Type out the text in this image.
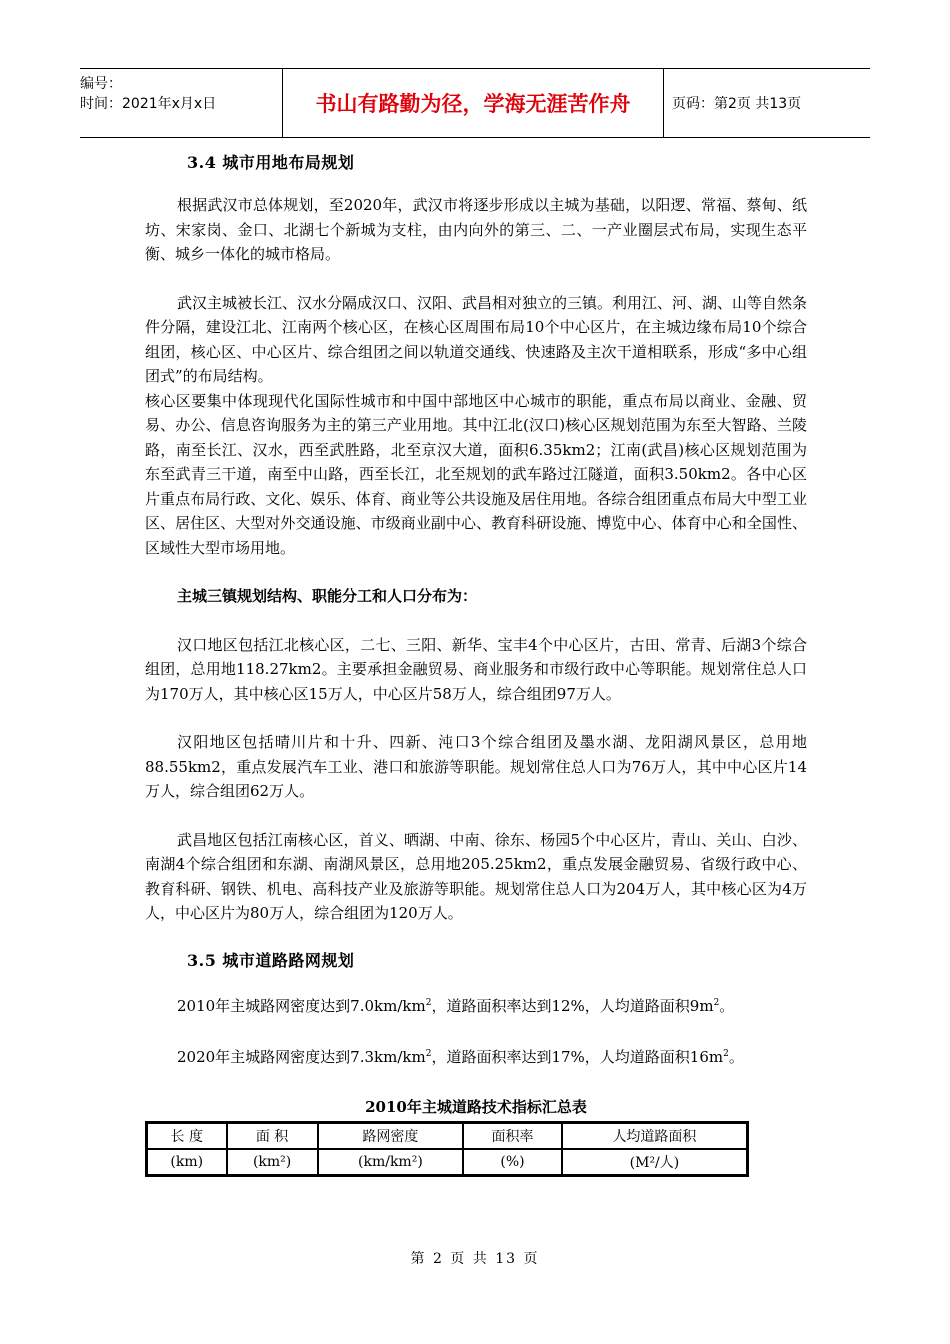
编号：
时间：2021年x月x日	书山有路勤为径，学海无涯苦作舟	页码：第2页 共13页
3.4 城市用地布局规划

根据武汉市总体规划，至2020年，武汉市将逐步形成以主城为基础，以阳逻、常福、蔡甸、纸坊、宋家岗、金口、北湖七个新城为支柱，由内向外的第三、二、一产业圈层式布局，实现生态平衡、城乡一体化的城市格局。

武汉主城被长江、汉水分隔成汉口、汉阳、武昌相对独立的三镇。利用江、河、湖、山等自然条件分隔，建设江北、江南两个核心区，在核心区周围布局10个中心区片，在主城边缘布局10个综合组团，核心区、中心区片、综合组团之间以轨道交通线、快速路及主次干道相联系，形成“多中心组团式”的布局结构。

核心区要集中体现现代化国际性城市和中国中部地区中心城市的职能，重点布局以商业、金融、贸易、办公、信息咨询服务为主的第三产业用地。其中江北(汉口)核心区规划范围为东至大智路、兰陵路，南至长江、汉水，西至武胜路，北至京汉大道，面积6.35km2；江南(武昌)核心区规划范围为东至武青三干道，南至中山路，西至长江，北至规划的武车路过江隧道，面积3.50km2。各中心区片重点布局行政、文化、娱乐、体育、商业等公共设施及居住用地。各综合组团重点布局大中型工业区、居住区、大型对外交通设施、市级商业副中心、教育科研设施、博览中心、体育中心和全国性、区域性大型市场用地。

主城三镇规划结构、职能分工和人口分布为：

汉口地区包括江北核心区，二七、三阳、新华、宝丰4个中心区片，古田、常青、后湖3个综合组团，总用地118.27km2。主要承担金融贸易、商业服务和市级行政中心等职能。规划常住总人口为170万人，其中核心区15万人，中心区片58万人，综合组团97万人。

汉阳地区包括晴川片和十升、四新、沌口3个综合组团及墨水湖、龙阳湖风景区，总用地88.55km2，重点发展汽车工业、港口和旅游等职能。规划常住总人口为76万人，其中中心区片14万人，综合组团62万人。

武昌地区包括江南核心区，首义、晒湖、中南、徐东、杨园5个中心区片，青山、关山、白沙、南湖4个综合组团和东湖、南湖风景区，总用地205.25km2，重点发展金融贸易、省级行政中心、教育科研、钢铁、机电、高科技产业及旅游等职能。规划常住总人口为204万人，其中核心区为4万人，中心区片为80万人，综合组团为120万人。

3.5 城市道路路网规划

2010年主城路网密度达到$7.0km/km^2$，道路面积率达到12%，人均道路面积$9m^2$。

2020年主城路网密度达到$7.3km/km^2$，道路面积率达到17%，人均道路面积$16m^2$。

2010年主城道路技术指标汇总表
长 度	面 积	路网密度	面积率	人均道路面积
(km)	(km²)	(km/km²)	(%)	(M²/人)
第 2 页 共 13 页
